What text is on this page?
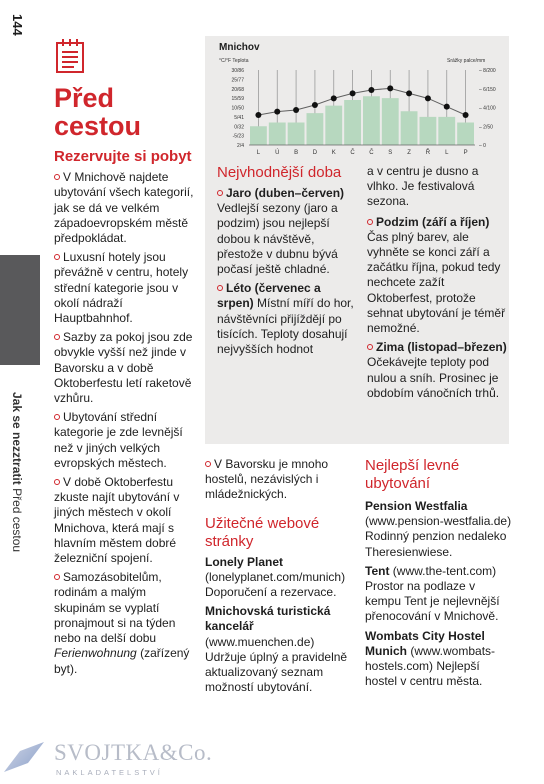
144
Jak se nezztratit Před cestou
Před cestou
Rezervujte si pobyt
V Mnichově najdete ubytování všech kategorií, jak se dá ve velkém západoevropském městě předpokládat.
Luxusní hotely jsou převážně v centru, hotely střední kategorie jsou v okolí nádraží Hauptbahnhof.
Sazby za pokoj jsou zde obvykle vyšší než jinde v Bavorsku a v době Oktoberfestu letí raketově vzhůru.
Ubytování střední kategorie je zde levnější než v jiných velkých evropských městech.
V době Oktoberfestu zkuste najít ubytování v jiných městech v okolí Mnichova, která mají s hlavním městem dobré železniční spojení.
Samozásobitelům, rodinám a malým skupinám se vyplatí pronajmout si na týden nebo na delší dobu Ferienwohnung (zařízený byt).
Mnichov
°C/°F Teplota	Srážky palce/mm
30/86
25/77
20/68
15/59
10/50
5/41
0/32
-5/23
2/4
– 8/200
– 6/150
– 4/100
– 2/50
– 0
L Ú B D K Č Č S Z Ř L	P
Nejvhodnější doba
Jaro (duben–červen) Vedlejší sezony (jaro a podzim) jsou nejlepší dobou k návštěvě, přestože v dubnu bývá počasí ještě chladné.
Léto (červenec a srpen) Místní míří do hor, návštěvníci přijíždějí po tisících. Teploty dosahují nejvyšších hodnot
a v centru je dusno a vlhko. Je festivalová sezona.
Podzim (září a říjen) Čas plný barev, ale vyhněte se konci září a začátku října, pokud tedy nechcete zažít Oktoberfest, protože sehnat ubytování je téměř nemožné.
Zima (listopad–březen) Očekávejte teploty pod nulou a sníh. Prosinec je obdobím vánočních trhů.
V Bavorsku je mnoho hostelů, nezávislých i mládežnických.
Užitečné webové stránky
Lonely Planet (lonelyplanet.com/munich) Doporučení a rezervace.
Mnichovská turistická kancelář (www.muenchen.de) Udržuje úplný a pravidelně aktualizovaný seznam možností ubytování.
Nejlepší levné ubytování
Pension Westfalia (www.pension-westfalia.de) Rodinný penzion nedaleko Theresienwiese.
Tent (www.the-tent.com) Prostor na podlaze v kempu Tent je nejlevnější přenocování v Mnichově.
Wombats City Hostel Munich (www.wombats-hostels.com) Nejlepší hostel v centru města.
SVOJTKA&Co.
NAKLADATELSTVÍ
